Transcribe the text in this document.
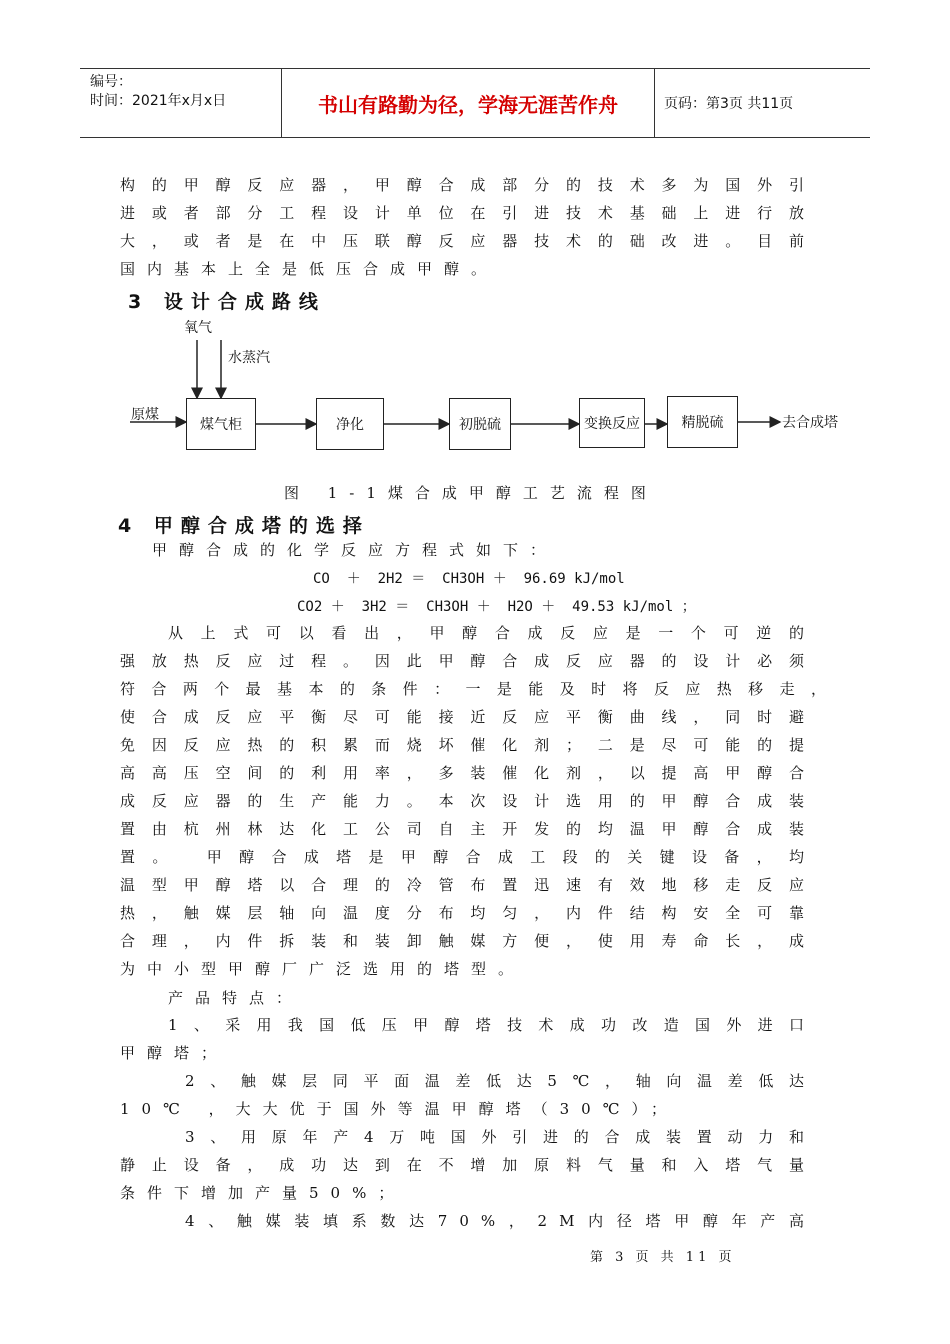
编号：
时间：2021年x月x日	书山有路勤为径，学海无涯苦作舟	页码：第3页 共11页
构的甲醇反应器，甲醇合成部分的技术多为国外引
进或者部分工程设计单位在引进技术基础上进行放
大，或者是在中压联醇反应器技术的础改进。目前
国内基本上全是低压合成甲醇。
3 设计合成路线
氧气
水蒸汽
原煤
煤气柜	净化	初脱硫	变换反应	精脱硫	去合成塔
图 1-1煤合成甲醇工艺流程图
4 甲醇合成塔的选择
甲醇合成的化学反应方程式如下：
CO  ＋  2H2 ＝  CH3OH ＋  96.69 kJ/mol
CO2 ＋  3H2 ＝  CH3OH ＋  H2O ＋  49.53 kJ/mol ；
从上式可以看出，甲醇合成反应是一个可逆的
强放热反应过程。因此甲醇合成反应器的设计必须
符合两个最基本的条件：一是能及时将反应热移走，
使合成反应平衡尽可能接近反应平衡曲线，同时避
免因反应热的积累而烧坏催化剂；二是尽可能的提
高高压空间的利用率，多装催化剂，以提高甲醇合
成反应器的生产能力。本次设计选用的甲醇合成装
置由杭州林达化工公司自主开发的均温甲醇合成装
置。 甲醇合成塔是甲醇合成工段的关键设备，均
温型甲醇塔以合理的冷管布置迅速有效地移走反应
热，触媒层轴向温度分布均匀，内件结构安全可靠
合理，内件拆装和装卸触媒方便，使用寿命长，成
为中小型甲醇厂广泛选用的塔型。
产品特点：
1、采用我国低压甲醇塔技术成功改造国外进口
甲醇塔；
2、触媒层同平面温差低达5℃，轴向温差低达
10℃ ，大大优于国外等温甲醇塔（30℃）；
3、用原年产4万吨国外引进的合成装置动力和
静止设备，成功达到在不增加原料气量和入塔气量
条件下增加产量50%；
4、触媒装填系数达70%，2M内径塔甲醇年产高
第 3 页 共 11 页
